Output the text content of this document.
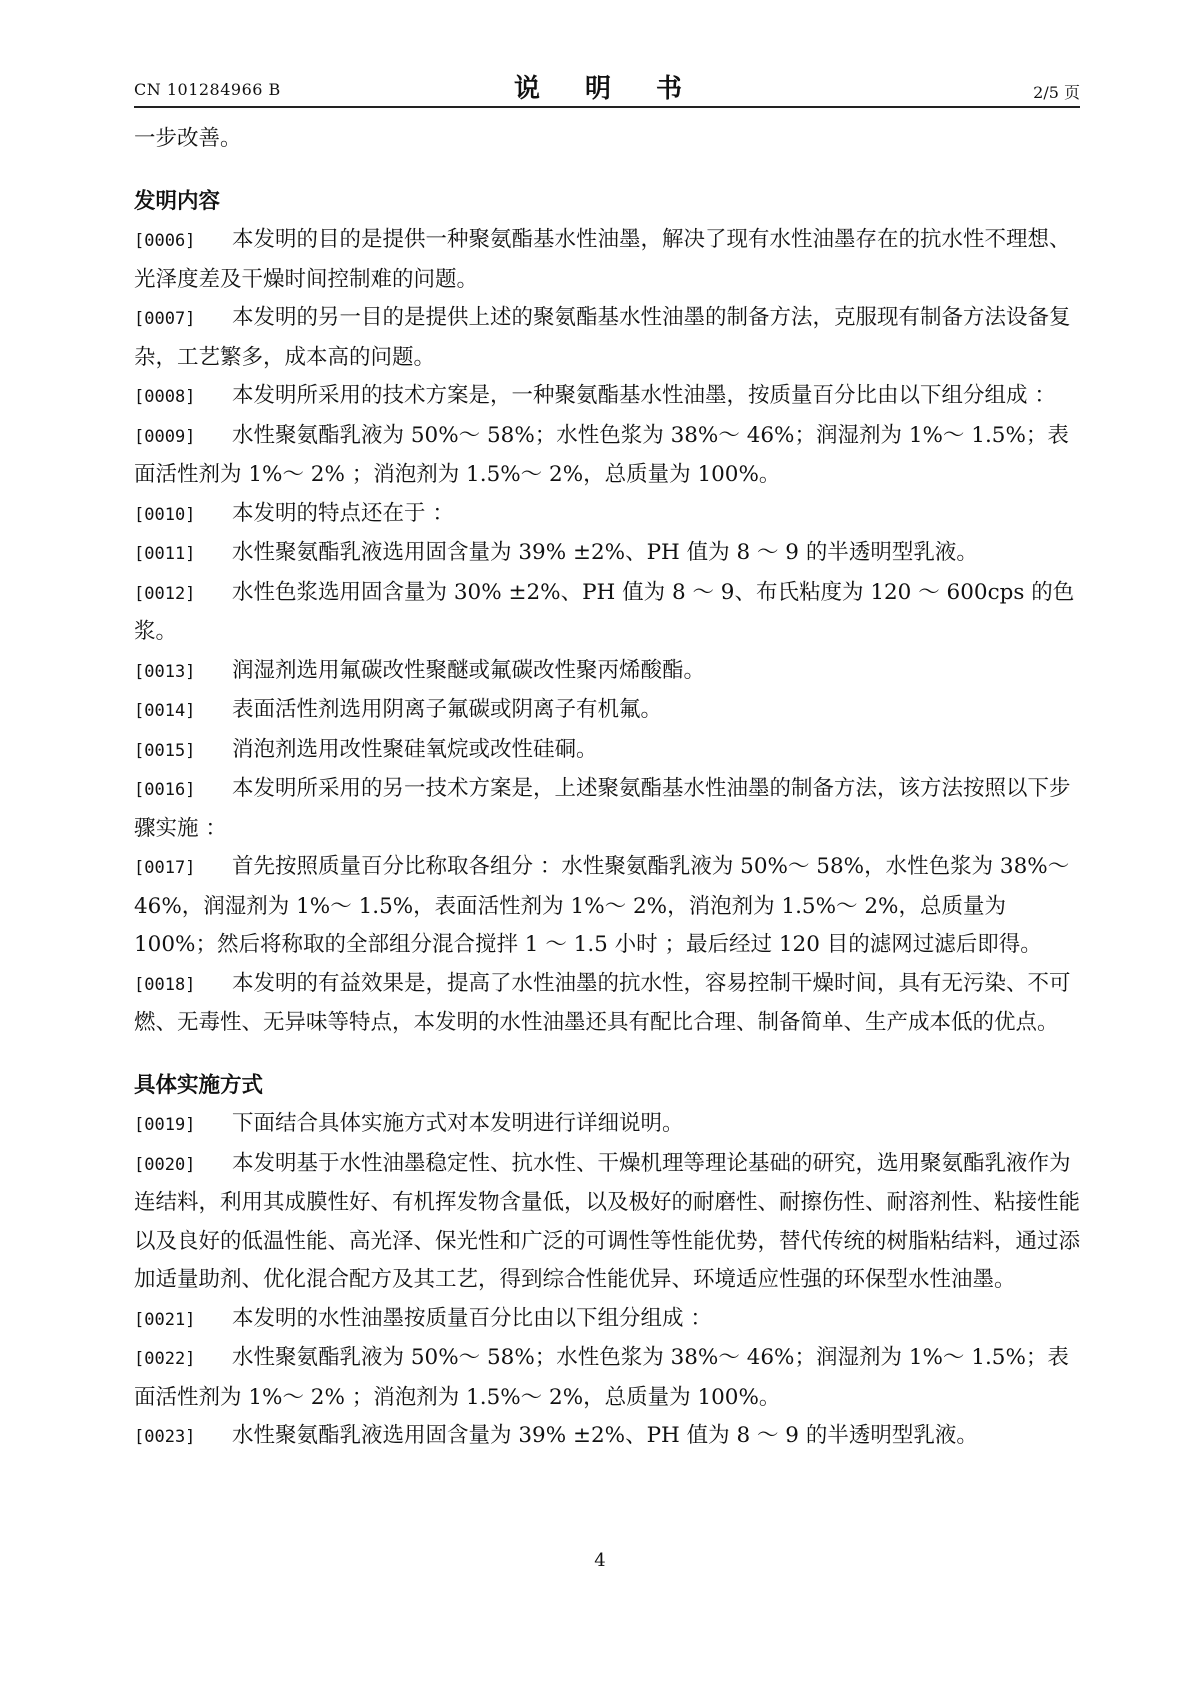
CN 101284966 B	说 明 书	2/5 页

一步改善。

发明内容

[0006] 本发明的目的是提供一种聚氨酯基水性油墨，解决了现有水性油墨存在的抗水性不理想、光泽度差及干燥时间控制难的问题。

[0007] 本发明的另一目的是提供上述的聚氨酯基水性油墨的制备方法，克服现有制备方法设备复杂，工艺繁多，成本高的问题。

[0008] 本发明所采用的技术方案是，一种聚氨酯基水性油墨，按质量百分比由以下组分组成 ：

[0009] 水性聚氨酯乳液为 50%～ 58%；水性色浆为 38%～ 46%；润湿剂为 1%～ 1.5%；表面活性剂为 1%～ 2% ；消泡剂为 1.5%～ 2%，总质量为 100%。

[0010] 本发明的特点还在于 ：

[0011] 水性聚氨酯乳液选用固含量为 39% ±2%、PH 值为 8 ～ 9 的半透明型乳液。

[0012] 水性色浆选用固含量为 30% ±2%、PH 值为 8 ～ 9、布氏粘度为 120 ～ 600cps 的色浆。

[0013] 润湿剂选用氟碳改性聚醚或氟碳改性聚丙烯酸酯。

[0014] 表面活性剂选用阴离子氟碳或阴离子有机氟。

[0015] 消泡剂选用改性聚硅氧烷或改性硅硐。

[0016] 本发明所采用的另一技术方案是，上述聚氨酯基水性油墨的制备方法，该方法按照以下步骤实施 ：

[0017] 首先按照质量百分比称取各组分 ：水性聚氨酯乳液为 50%～ 58%，水性色浆为 38%～ 46%，润湿剂为 1%～ 1.5%，表面活性剂为 1%～ 2%，消泡剂为 1.5%～ 2%，总质量为 100%；然后将称取的全部组分混合搅拌 1 ～ 1.5 小时 ；最后经过 120 目的滤网过滤后即得。

[0018] 本发明的有益效果是，提高了水性油墨的抗水性，容易控制干燥时间，具有无污染、不可燃、无毒性、无异味等特点，本发明的水性油墨还具有配比合理、制备简单、生产成本低的优点。

具体实施方式

[0019] 下面结合具体实施方式对本发明进行详细说明。

[0020] 本发明基于水性油墨稳定性、抗水性、干燥机理等理论基础的研究，选用聚氨酯乳液作为连结料，利用其成膜性好、有机挥发物含量低，以及极好的耐磨性、耐擦伤性、耐溶剂性、粘接性能以及良好的低温性能、高光泽、保光性和广泛的可调性等性能优势，替代传统的树脂粘结料，通过添加适量助剂、优化混合配方及其工艺，得到综合性能优异、环境适应性强的环保型水性油墨。

[0021] 本发明的水性油墨按质量百分比由以下组分组成 ：

[0022] 水性聚氨酯乳液为 50%～ 58%；水性色浆为 38%～ 46%；润湿剂为 1%～ 1.5%；表面活性剂为 1%～ 2% ；消泡剂为 1.5%～ 2%，总质量为 100%。

[0023] 水性聚氨酯乳液选用固含量为 39% ±2%、PH 值为 8 ～ 9 的半透明型乳液。

4
